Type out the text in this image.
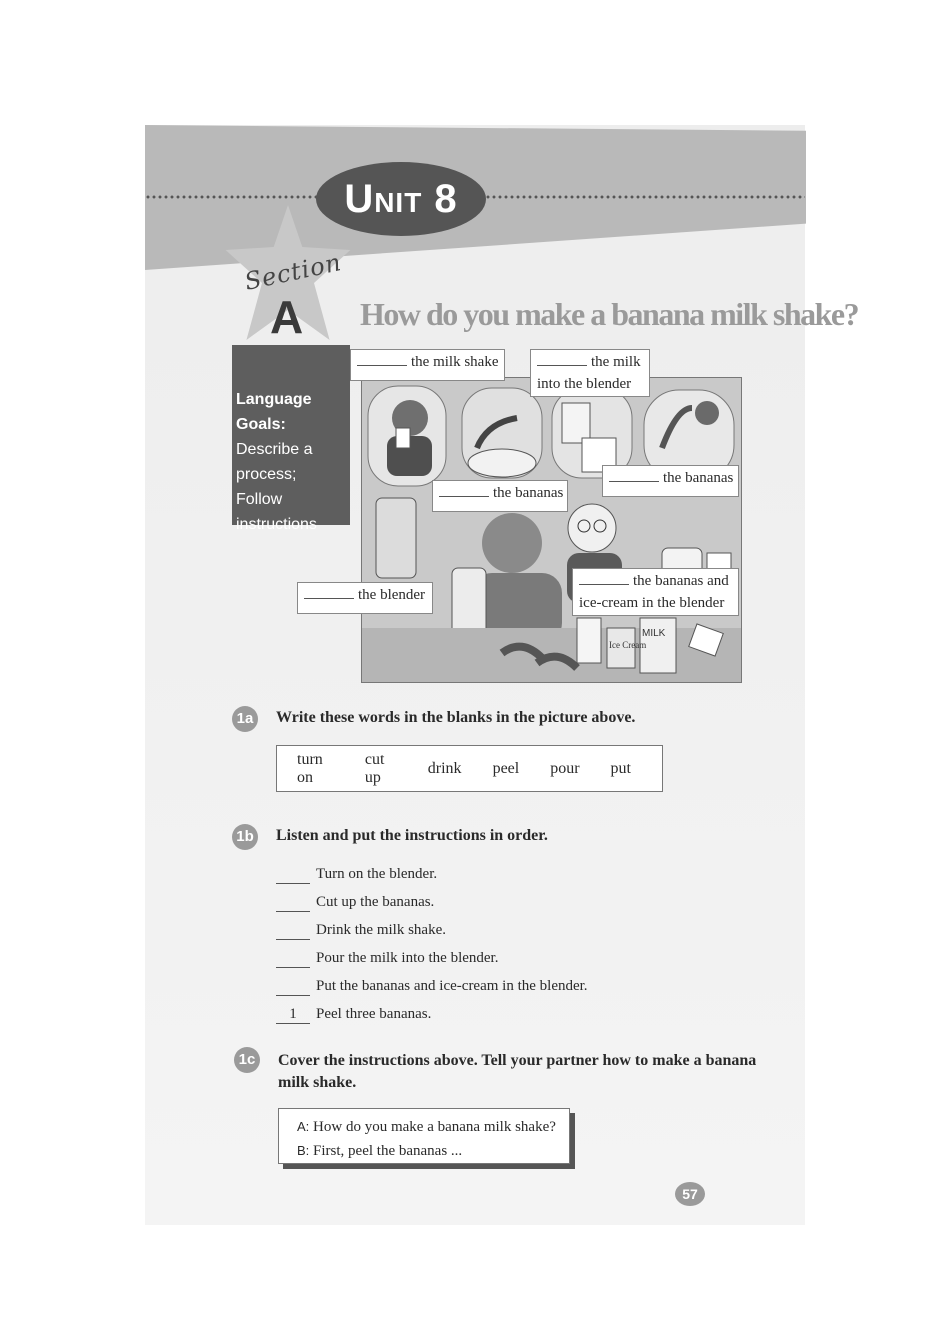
Unit 8
Section
A
Language Goals:
Describe a
process;
Follow
instructions
How do you make a banana milk shake?
Ice Cream
MILK
the milk shake	the milk
into the blender
the bananas
the bananas
the bananas and
ice-cream in the blender
the blender
1a Write these words in the blanks in the picture above.
turn on
cut up
drink peel pour put
1b Listen and put the instructions in order.
Turn on the blender.
Cut up the bananas.
Drink the milk shake.
Pour the milk into the blender.
Put the bananas and ice-cream in the blender.
1	Peel three bananas.
1c Cover the instructions above. Tell your partner how to make a banana
milk shake.
A: How do you make a banana milk shake?
B: First, peel the bananas ...
57
